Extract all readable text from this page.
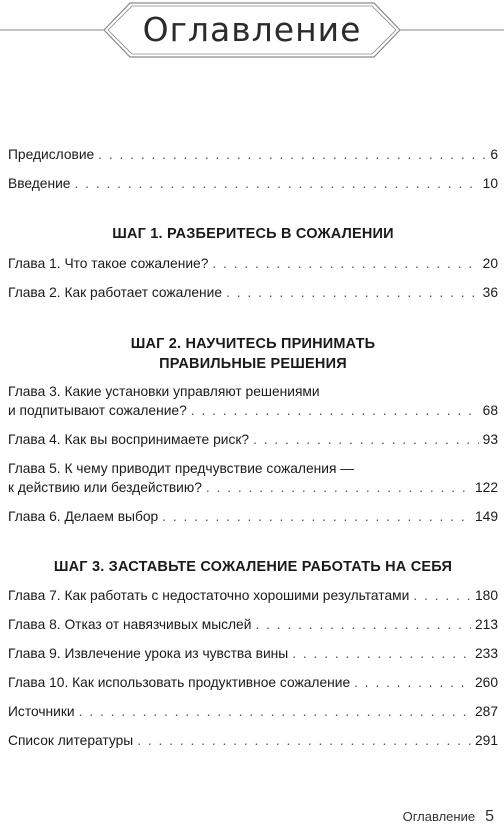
Оглавление
Предисловие . . .	6
Введение . . .	10
ШАГ 1. РАЗБЕРИТЕСЬ В СОЖАЛЕНИИ
Глава 1. Что такое сожаление? . . .	20
Глава 2. Как работает сожаление . . .	36
ШАГ 2. НАУЧИТЕСЬ ПРИНИМАТЬ
ПРАВИЛЬНЫЕ РЕШЕНИЯ
Глава 3. Какие установки управляют решениями
и подпитывают сожаление? . . .	68
Глава 4. Как вы воспринимаете риск? . . .	93
Глава 5. К чему приводит предчувствие сожаления —
к действию или бездействию? . . .	122
Глава 6. Делаем выбор . . .	149
ШАГ 3. ЗАСТАВЬТЕ СОЖАЛЕНИЕ РАБОТАТЬ НА СЕБЯ
Глава 7. Как работать с недостаточно хорошими результатами . . .	180
Глава 8. Отказ от навязчивых мыслей . . .	213
Глава 9. Извлечение урока из чувства вины . . .	233
Глава 10. Как использовать продуктивное сожаление . . .	260
Источники . . .	287
Список литературы . . .	291
Оглавление 5
